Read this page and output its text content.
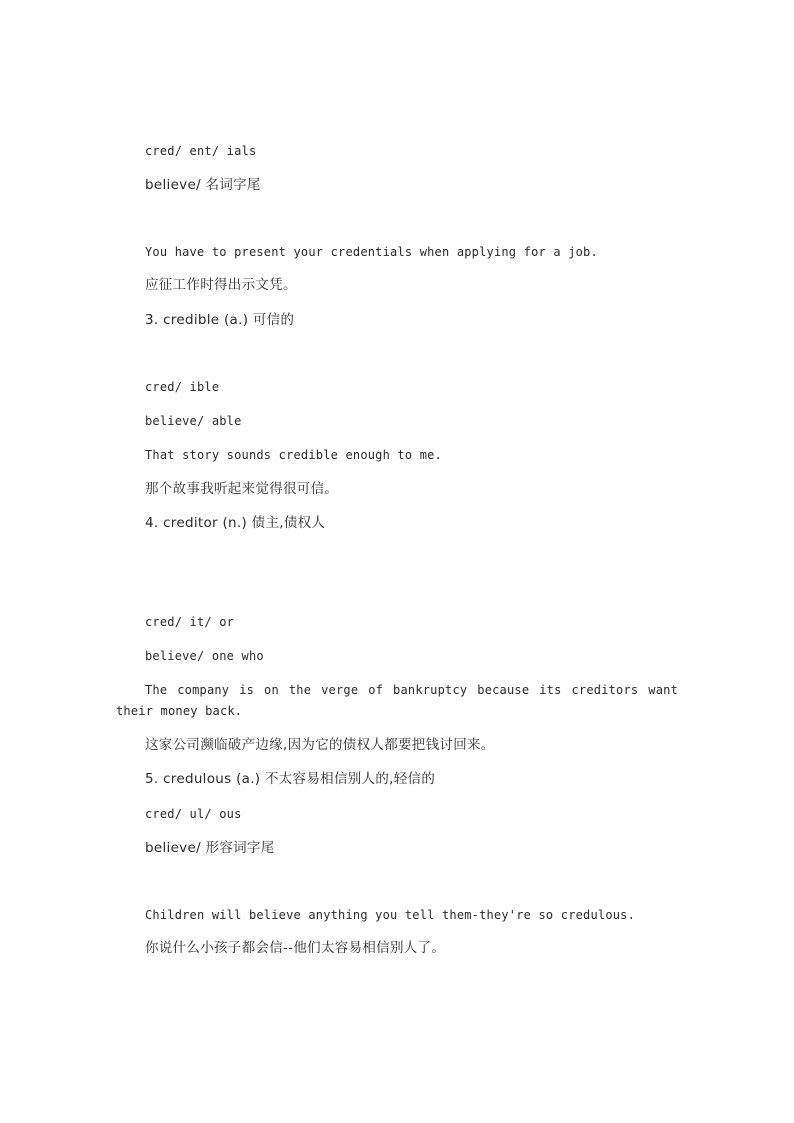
cred/ ent/ ials
believe/ 名词字尾
You have to present your credentials when applying for a job.
应征工作时得出示文凭。
3. credible (a.) 可信的
cred/ ible
believe/ able
That story sounds credible enough to me.
那个故事我听起来觉得很可信。
4. creditor (n.) 债主,债权人
cred/ it/ or
believe/ one who
The company is on the verge of bankruptcy because its creditors want their money back.
这家公司濒临破产边缘,因为它的债权人都要把钱讨回来。
5. credulous (a.) 不太容易相信别人的,轻信的
cred/ ul/ ous
believe/ 形容词字尾
Children will believe anything you tell them-they're so credulous.
你说什么小孩子都会信--他们太容易相信别人了。
